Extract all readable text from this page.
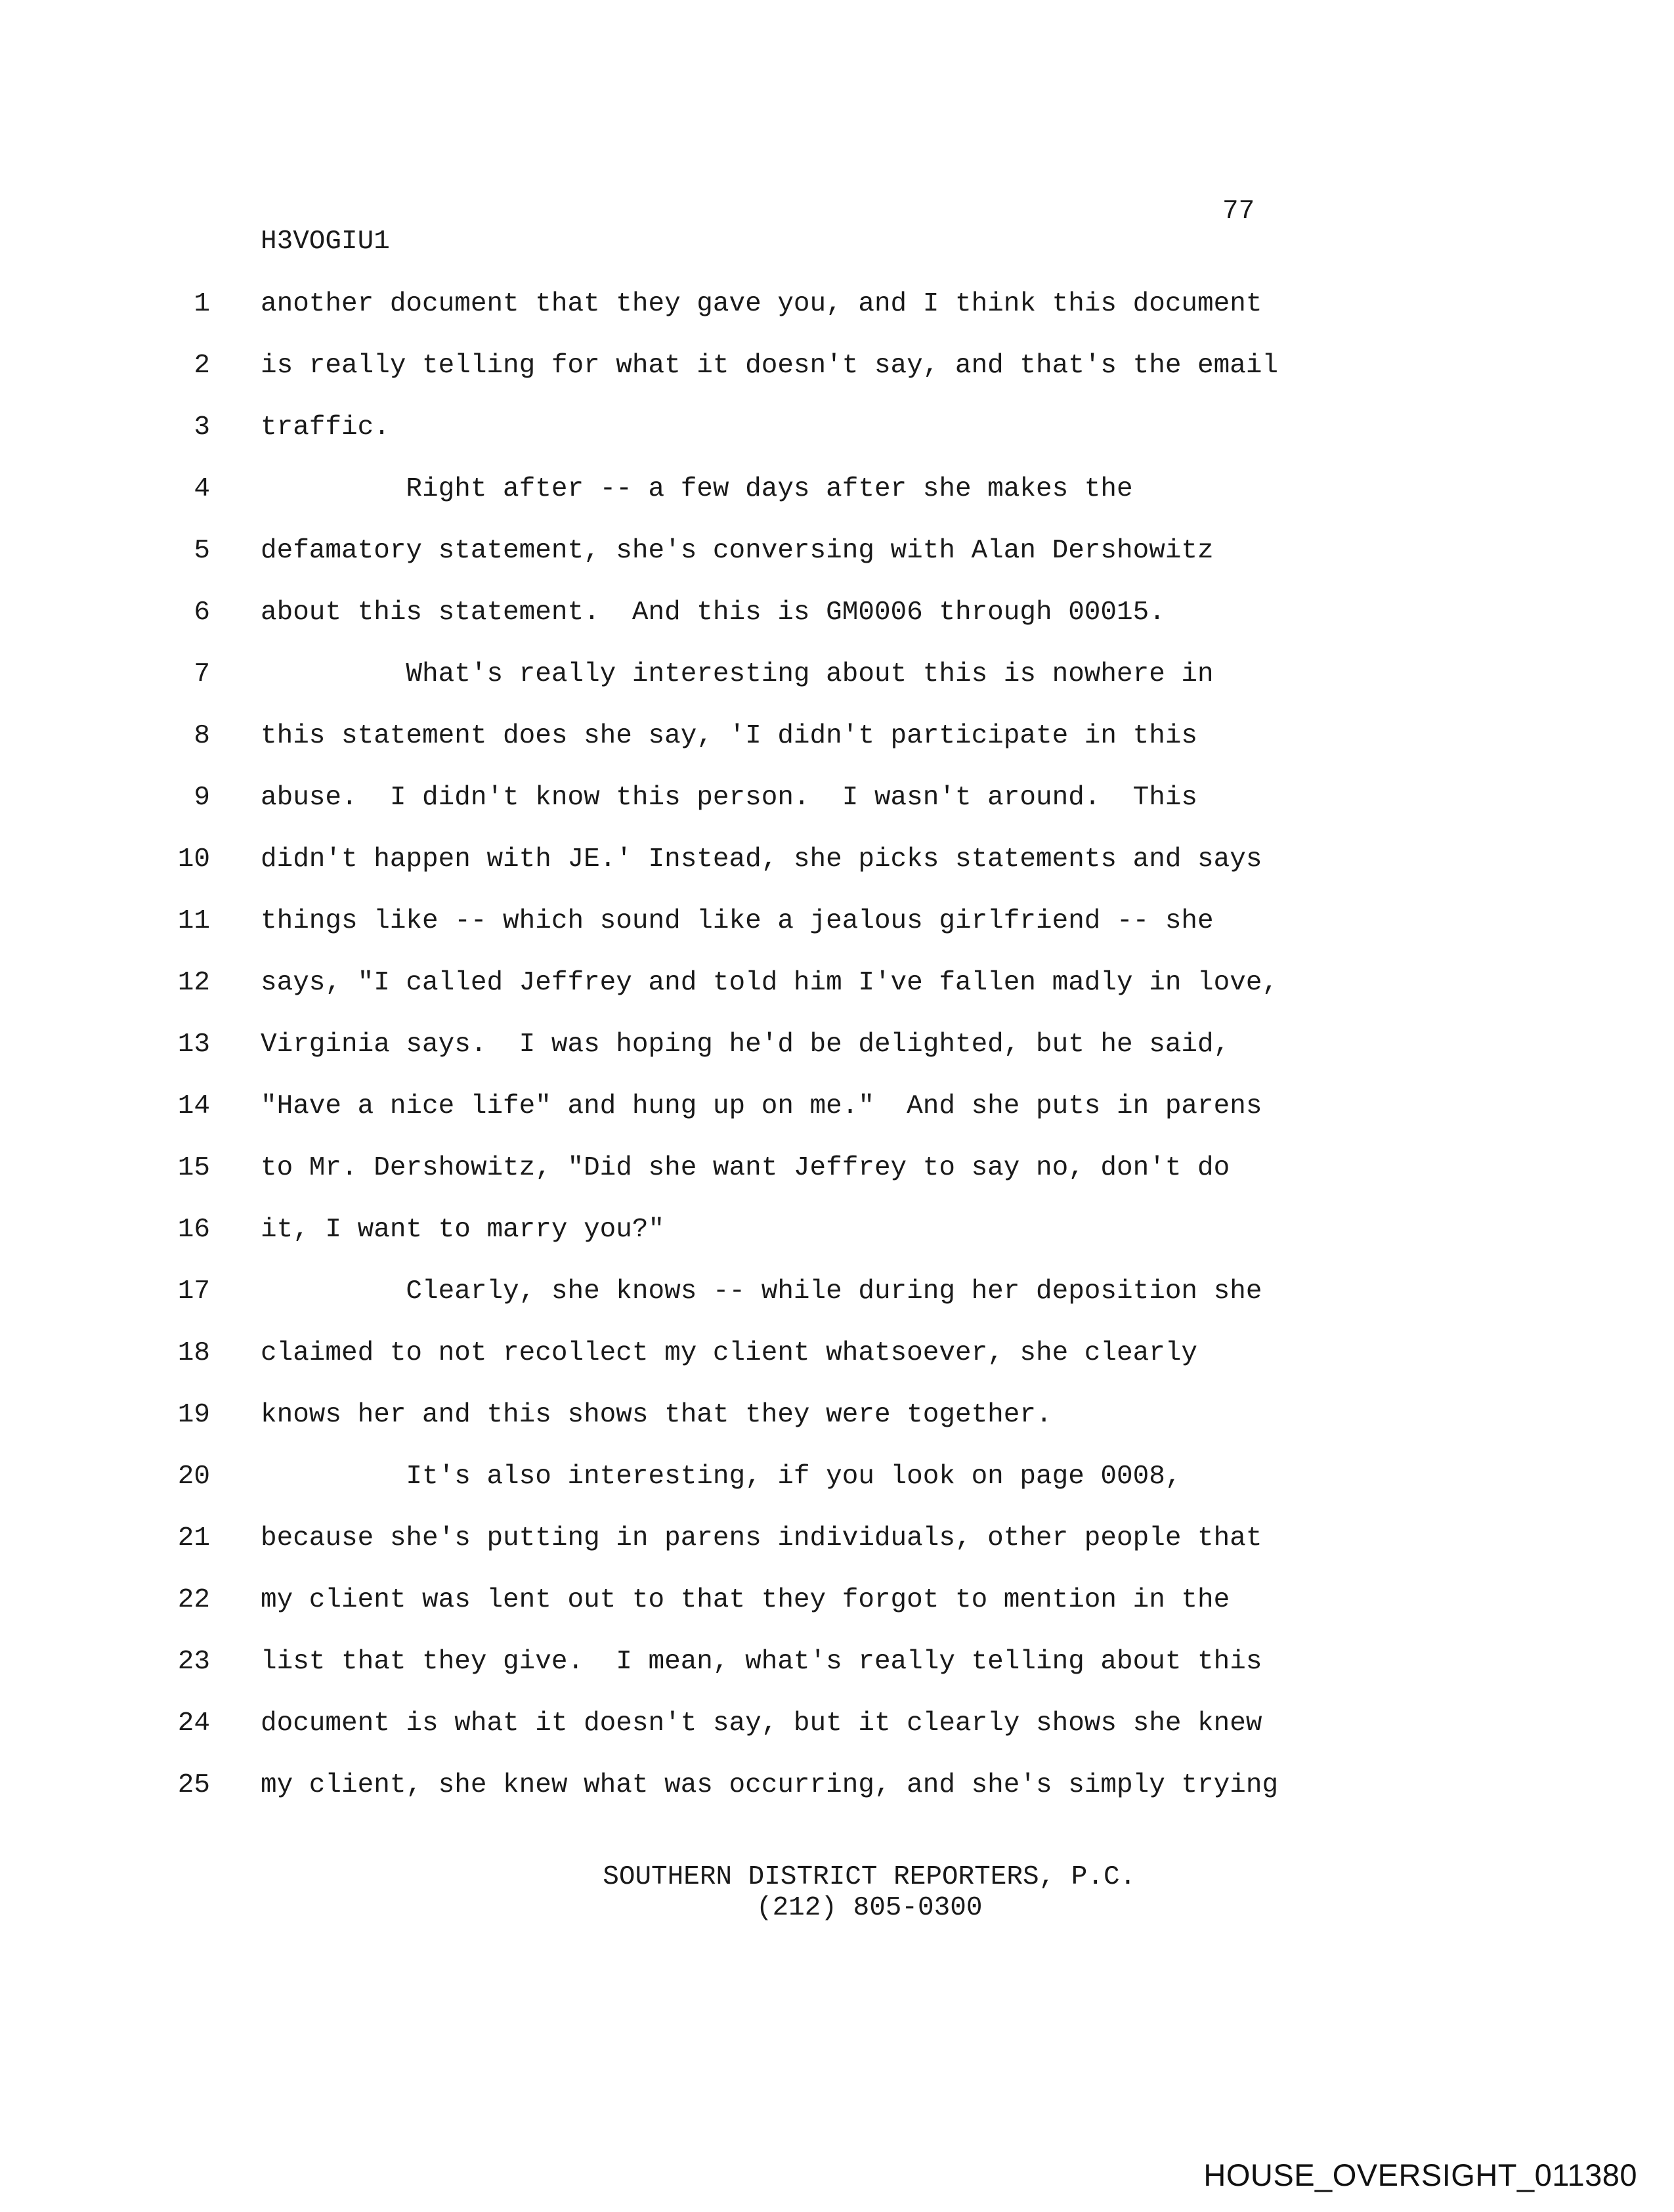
77
H3VOGIU1
1 another document that they gave you, and I think this document
2 is really telling for what it doesn't say, and that's the email
3 traffic.
4 Right after -- a few days after she makes the
5 defamatory statement, she's conversing with Alan Dershowitz
6 about this statement.  And this is GM0006 through 00015.
7 What's really interesting about this is nowhere in
8 this statement does she say, 'I didn't participate in this
9 abuse.  I didn't know this person.  I wasn't around.  This
10 didn't happen with JE.' Instead, she picks statements and says
11 things like -- which sound like a jealous girlfriend -- she
12 says, "I called Jeffrey and told him I've fallen madly in love,
13 Virginia says.  I was hoping he'd be delighted, but he said,
14 "Have a nice life" and hung up on me."  And she puts in parens
15 to Mr. Dershowitz, "Did she want Jeffrey to say no, don't do
16 it, I want to marry you?"
17 Clearly, she knows -- while during her deposition she
18 claimed to not recollect my client whatsoever, she clearly
19 knows her and this shows that they were together.
20 It's also interesting, if you look on page 0008,
21 because she's putting in parens individuals, other people that
22 my client was lent out to that they forgot to mention in the
23 list that they give.  I mean, what's really telling about this
24 document is what it doesn't say, but it clearly shows she knew
25 my client, she knew what was occurring, and she's simply trying

SOUTHERN DISTRICT REPORTERS, P.C.

(212) 805-0300

HOUSE_OVERSIGHT_011380
